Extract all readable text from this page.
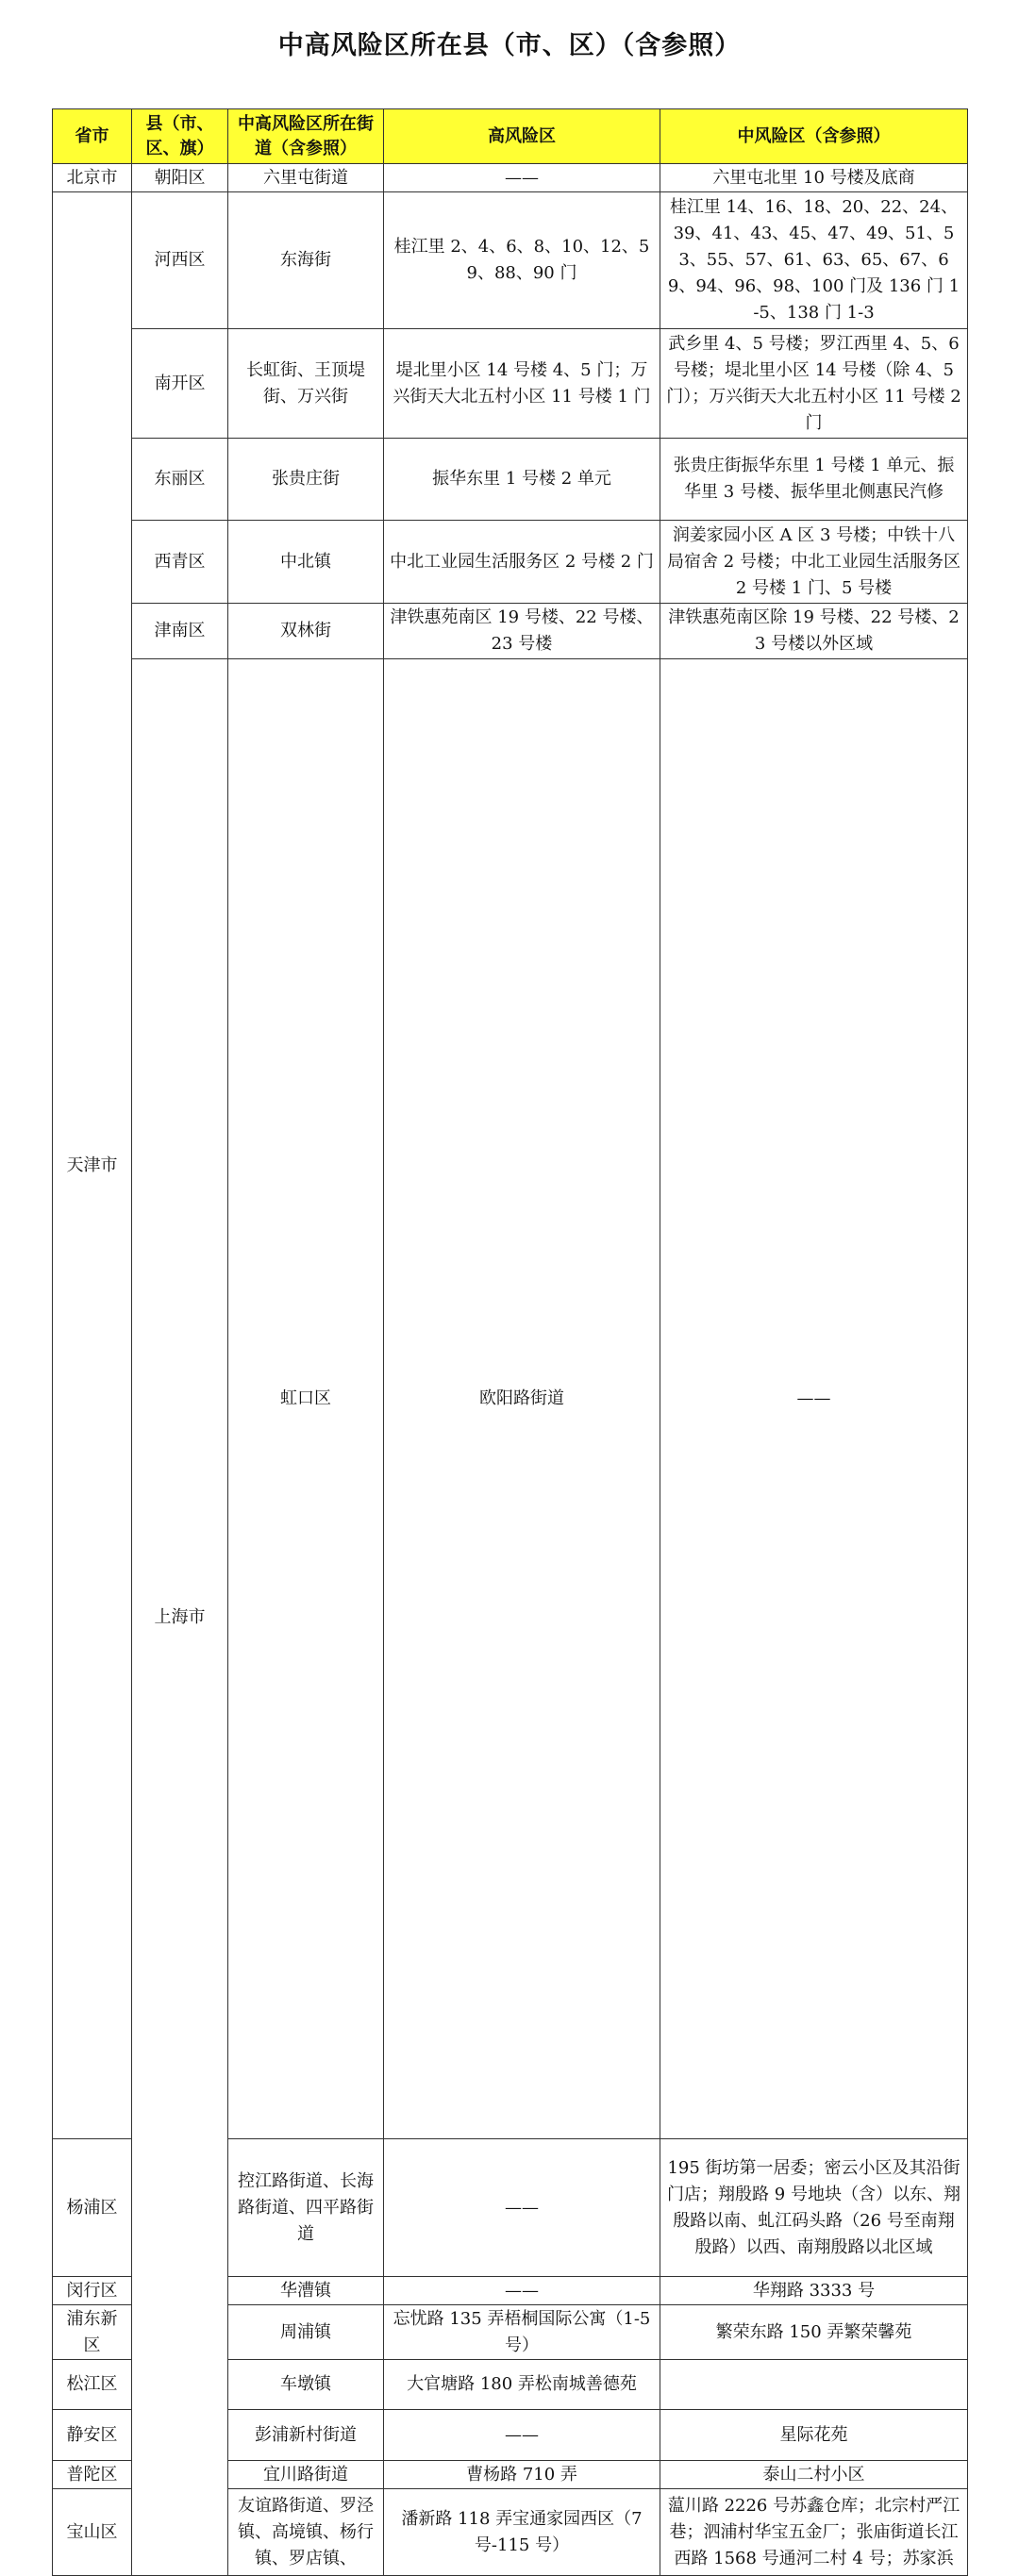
中高风险区所在县（市、区）（含参照）
省市	县（市、区、旗）	中高风险区所在街道（含参照）	高风险区	中风险区（含参照）	
北京市	朝阳区	六里屯街道	——	六里屯北里 10 号楼及底商	
天津市	河西区	东海街	桂江里 2、4、6、8、10、12、59、88、90 门	桂江里 14、16、18、20、22、24、39、41、43、45、47、49、51、53、55、57、61、63、65、67、69、94、96、98、100 门及 136 门 1-5、138 门 1-3	
	南开区	长虹街、王顶堤街、万兴街	堤北里小区 14 号楼 4、5 门；万兴街天大北五村小区 11 号楼 1 门	武乡里 4、5 号楼；罗江西里 4、5、6 号楼；堤北里小区 14 号楼（除 4、5 门）；万兴街天大北五村小区 11 号楼 2 门	
	东丽区	张贵庄街	振华东里 1 号楼 2 单元	张贵庄街振华东里 1 号楼 1 单元、振华里 3 号楼、振华里北侧惠民汽修	
	西青区	中北镇	中北工业园生活服务区 2 号楼 2 门	润姜家园小区 A 区 3 号楼；中铁十八局宿舍 2 号楼；中北工业园生活服务区 2 号楼 1 门、5 号楼	
	津南区	双林街	津铁惠苑南区 19 号楼、22 号楼、23 号楼	津铁惠苑南区除 19 号楼、22 号楼、23 号楼以外区域	
	上海市	虹口区	欧阳路街道	——	
杨浦区		控江路街道、长海路街道、四平路街道	——	195 街坊第一居委；密云小区及其沿街门店；翔殷路 9 号地块（含）以东、翔殷路以南、虬江码头路（26 号至南翔殷路）以西、南翔殷路以北区域	
闵行区		华漕镇	——	华翔路 3333 号	
浦东新区		周浦镇	忘忧路 135 弄梧桐国际公寓（1-5 号）	繁荣东路 150 弄繁荣馨苑	
松江区		车墩镇	大官塘路 180 弄松南城善德苑		
静安区		彭浦新村街道	——	星际花苑	
普陀区		宜川路街道	曹杨路 710 弄	泰山二村小区	
宝山区		友谊路街道、罗泾镇、高境镇、杨行镇、罗店镇、	潘新路 118 弄宝通家园西区（7 号-115 号）	蕰川路 2226 号苏鑫仓库；北宗村严江巷；泗浦村华宝五金厂；张庙街道长江西路 1568 号通河二村 4 号；苏家浜	
